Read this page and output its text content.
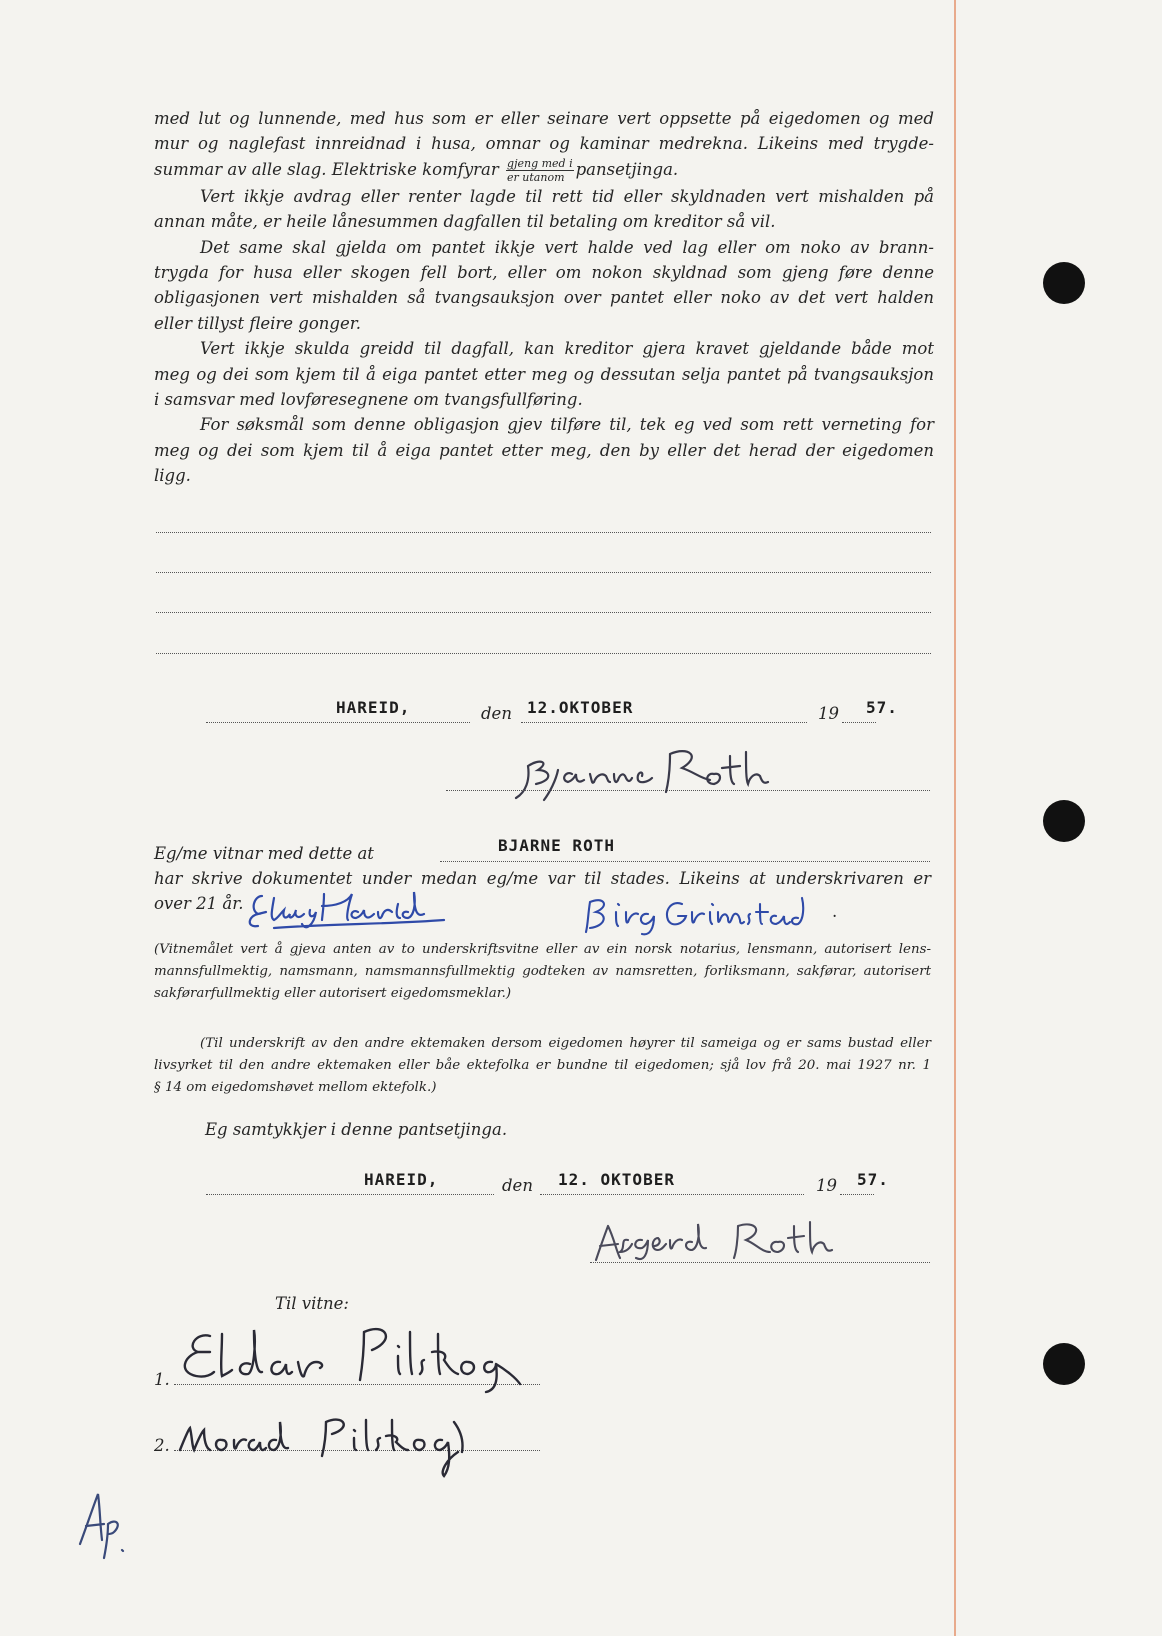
med lut og lunnende, med hus som er eller seinare vert oppsette på eigedomen og med
mur og naglefast innreidnad i husa, omnar og kaminar medrekna. Likeins med trygde-
summar av alle slag. Elektriske komfyrar $\frac{\text{gjeng med i}}{\text{er utanom}}$ pansetjinga.

Vert ikkje avdrag eller renter lagde til rett tid eller skyldnaden vert mishalden på
annan måte, er heile lånesummen dagfallen til betaling om kreditor så vil.

Det same skal gjelda om pantet ikkje vert halde ved lag eller om noko av brann-
trygda for husa eller skogen fell bort, eller om nokon skyldnad som gjeng føre denne
obligasjonen vert mishalden så tvangsauksjon over pantet eller noko av det vert halden
eller tillyst fleire gonger.

Vert ikkje skulda greidd til dagfall, kan kreditor gjera kravet gjeldande både mot
meg og dei som kjem til å eiga pantet etter meg og dessutan selja pantet på tvangsauksjon
i samsvar med lovføresegnene om tvangsfullføring.

For søksmål som denne obligasjon gjev tilføre til, tek eg ved som rett verneting for
meg og dei som kjem til å eiga pantet etter meg, den by eller det herad der eigedomen
ligg.

HAREID,	den 12.OKTOBER	19 57.
Eg/me vitnar med dette at	BJARNE ROTH
har skrive dokumentet under medan eg/me var til stades. Likeins at underskrivaren er
over 21 år.	.
(Vitnemålet vert å gjeva anten av to underskriftsvitne eller av ein norsk notarius, lensmann, autorisert lens-
mannsfullmektig, namsmann, namsmannsfullmektig godteken av namsretten, forliksmann, sakførar, autorisert
sakførarfullmektig eller autorisert eigedomsmeklar.)
(Til underskrift av den andre ektemaken dersom eigedomen høyrer til sameiga og er sams bustad eller
livsyrket til den andre ektemaken eller båe ektefolka er bundne til eigedomen; sjå lov frå 20. mai 1927 nr. 1
§ 14 om eigedomshøvet mellom ektefolk.)
Eg samtykkjer i denne pantsetjinga.
HAREID,	den 12. OKTOBER	19 57.
Til vitne:
1.
2.
